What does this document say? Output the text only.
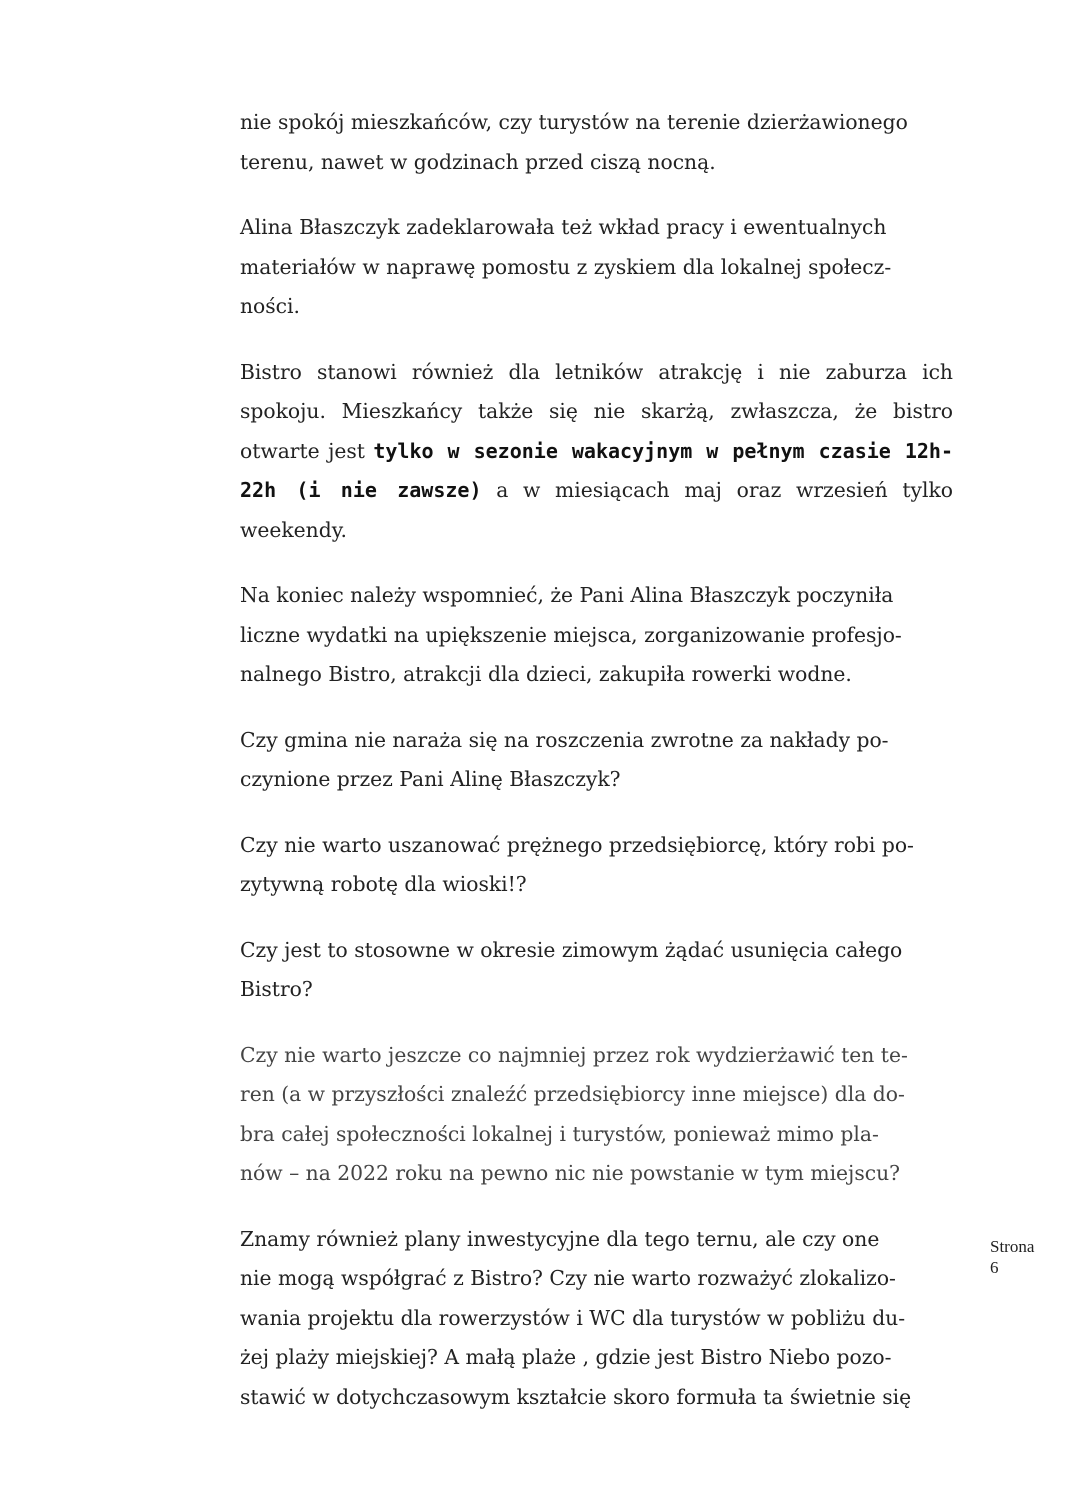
nie spokój mieszkańców, czy turystów na terenie dzierżawionego
terenu, nawet w godzinach przed ciszą nocną.

Alina Błaszczyk zadeklarowała też wkład pracy i ewentualnych
materiałów w naprawę pomostu z zyskiem dla lokalnej społecz-
ności.

Bistro stanowi również dla letników atrakcję i nie zaburza ich spokoju. Mieszkańcy także się nie skarżą, zwłaszcza, że bistro otwarte jest tylko w sezonie wakacyjnym w pełnym czasie 12h-22h (i nie zawsze) a w miesiącach maj oraz wrzesień tylko weekendy.

Na koniec należy wspomnieć, że Pani Alina Błaszczyk poczyniła
liczne wydatki na upiększenie miejsca, zorganizowanie profesjo-
nalnego Bistro, atrakcji dla dzieci, zakupiła rowerki wodne.

Czy gmina nie naraża się na roszczenia zwrotne za nakłady po-
czynione przez Pani Alinę Błaszczyk?

Czy nie warto uszanować prężnego przedsiębiorcę, który robi po-
zytywną robotę dla wioski!?

Czy jest to stosowne w okresie zimowym żądać usunięcia całego
Bistro?

Czy nie warto jeszcze co najmniej przez rok wydzierżawić ten te-
ren (a w przyszłości znaleźć przedsiębiorcy inne miejsce) dla do-
bra całej społeczności lokalnej i turystów, ponieważ mimo pla-
nów – na 2022 roku na pewno nic nie powstanie w tym miejscu?

Znamy również plany inwestycyjne dla tego ternu, ale czy one
nie mogą współgrać z Bistro? Czy nie warto rozważyć zlokalizo-
wania projektu dla rowerzystów i WC dla turystów w pobliżu du-
żej plaży miejskiej? A małą plaże , gdzie jest Bistro Niebo pozo-
stawić w dotychczasowym kształcie skoro formuła ta świetnie się

Strona
6
